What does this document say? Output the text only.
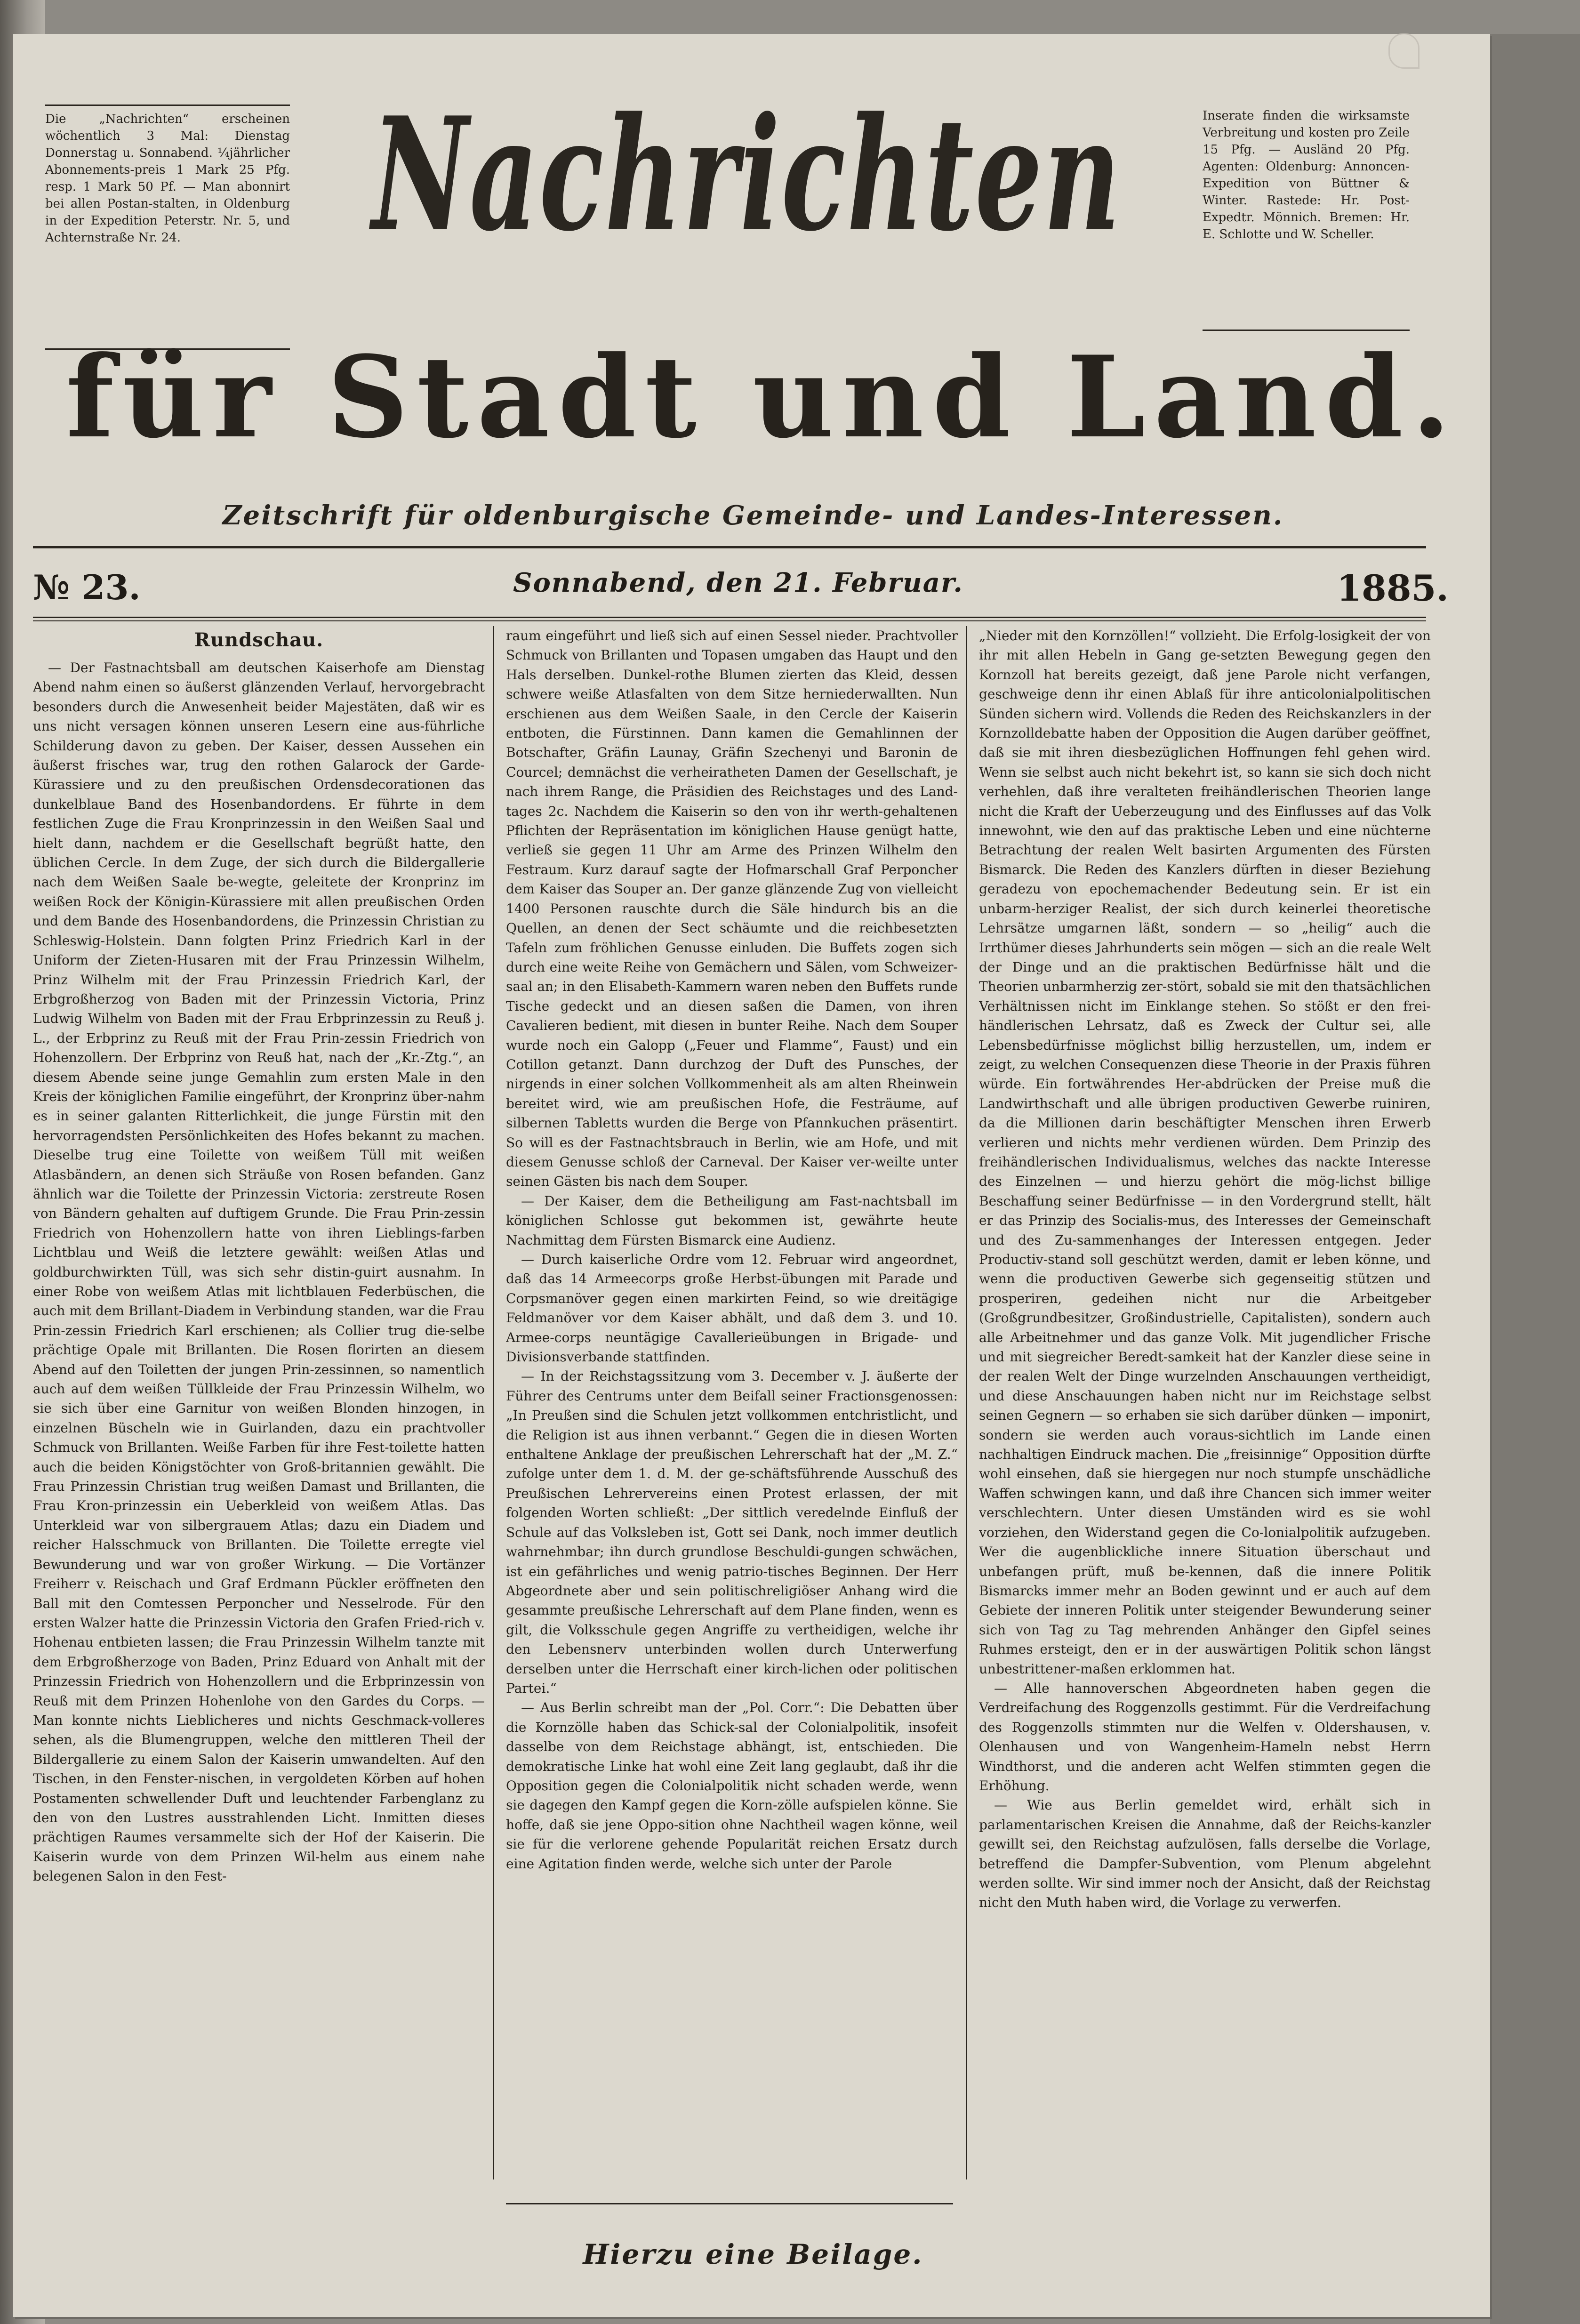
Die „Nachrichten“ erscheinen wöchentlich 3 Mal: Dienstag Donnerstag u. Sonnabend. ¼jährlicher Abonnements-preis 1 Mark 25 Pfg. resp. 1 Mark 50 Pf. — Man abonnirt bei allen Postan-stalten, in Oldenburg in der Expedition Peterstr. Nr. 5, und Achternstraße Nr. 24.
Inserate finden die wirksamste Verbreitung und kosten pro Zeile 15 Pfg. — Ausländ 20 Pfg. Agenten: Oldenburg: Annoncen-Expedition von Büttner & Winter. Rastede: Hr. Post-Expedtr. Mönnich. Bremen: Hr. E. Schlotte und W. Scheller.
Nachrichten
für Stadt und Land.
Zeitschrift für oldenburgische Gemeinde- und Landes-Interessen.
№ 23.	Sonnabend, den 21. Februar.	1885.

Rundschau.

— Der Fastnachtsball am deutschen Kaiserhofe am Dienstag Abend nahm einen so äußerst glänzenden Verlauf, hervorgebracht besonders durch die Anwesenheit beider Majestäten, daß wir es uns nicht versagen können unseren Lesern eine aus-führliche Schilderung davon zu geben. Der Kaiser, dessen Aussehen ein äußerst frisches war, trug den rothen Galarock der Garde-Kürassiere und zu den preußischen Ordensdecorationen das dunkelblaue Band des Hosenbandordens. Er führte in dem festlichen Zuge die Frau Kronprinzessin in den Weißen Saal und hielt dann, nachdem er die Gesellschaft begrüßt hatte, den üblichen Cercle. In dem Zuge, der sich durch die Bildergallerie nach dem Weißen Saale be-wegte, geleitete der Kronprinz im weißen Rock der Königin-Kürassiere mit allen preußischen Orden und dem Bande des Hosenbandordens, die Prinzessin Christian zu Schleswig-Holstein. Dann folgten Prinz Friedrich Karl in der Uniform der Zieten-Husaren mit der Frau Prinzessin Wilhelm, Prinz Wilhelm mit der Frau Prinzessin Friedrich Karl, der Erbgroßherzog von Baden mit der Prinzessin Victoria, Prinz Ludwig Wilhelm von Baden mit der Frau Erbprinzessin zu Reuß j. L., der Erbprinz zu Reuß mit der Frau Prin-zessin Friedrich von Hohenzollern. Der Erbprinz von Reuß hat, nach der „Kr.-Ztg.“, an diesem Abende seine junge Gemahlin zum ersten Male in den Kreis der königlichen Familie eingeführt, der Kronprinz über-nahm es in seiner galanten Ritterlichkeit, die junge Fürstin mit den hervorragendsten Persönlichkeiten des Hofes bekannt zu machen. Dieselbe trug eine Toilette von weißem Tüll mit weißen Atlasbändern, an denen sich Sträuße von Rosen befanden. Ganz ähnlich war die Toilette der Prinzessin Victoria: zerstreute Rosen von Bändern gehalten auf duftigem Grunde. Die Frau Prin-zessin Friedrich von Hohenzollern hatte von ihren Lieblings-farben Lichtblau und Weiß die letztere gewählt: weißen Atlas und goldburchwirkten Tüll, was sich sehr distin-guirt ausnahm. In einer Robe von weißem Atlas mit lichtblauen Federbüschen, die auch mit dem Brillant-Diadem in Verbindung standen, war die Frau Prin-zessin Friedrich Karl erschienen; als Collier trug die-selbe prächtige Opale mit Brillanten. Die Rosen florirten an diesem Abend auf den Toiletten der jungen Prin-zessinnen, so namentlich auch auf dem weißen Tüllkleide der Frau Prinzessin Wilhelm, wo sie sich über eine Garnitur von weißen Blonden hinzogen, in einzelnen Büscheln wie in Guirlanden, dazu ein prachtvoller Schmuck von Brillanten. Weiße Farben für ihre Fest-toilette hatten auch die beiden Königstöchter von Groß-britannien gewählt. Die Frau Prinzessin Christian trug weißen Damast und Brillanten, die Frau Kron-prinzessin ein Ueberkleid von weißem Atlas. Das Unterkleid war von silbergrauem Atlas; dazu ein Diadem und reicher Halsschmuck von Brillanten. Die Toilette erregte viel Bewunderung und war von großer Wirkung. — Die Vortänzer Freiherr v. Reischach und Graf Erdmann Pückler eröffneten den Ball mit den Comtessen Perponcher und Nesselrode. Für den ersten Walzer hatte die Prinzessin Victoria den Grafen Fried-rich v. Hohenau entbieten lassen; die Frau Prinzessin Wilhelm tanzte mit dem Erbgroßherzoge von Baden, Prinz Eduard von Anhalt mit der Prinzessin Friedrich von Hohenzollern und die Erbprinzessin von Reuß mit dem Prinzen Hohenlohe von den Gardes du Corps. — Man konnte nichts Lieblicheres und nichts Geschmack-volleres sehen, als die Blumengruppen, welche den mittleren Theil der Bildergallerie zu einem Salon der Kaiserin umwandelten. Auf den Tischen, in den Fenster-nischen, in vergoldeten Körben auf hohen Postamenten schwellender Duft und leuchtender Farbenglanz zu den von den Lustres ausstrahlenden Licht. Inmitten dieses prächtigen Raumes versammelte sich der Hof der Kaiserin. Die Kaiserin wurde von dem Prinzen Wil-helm aus einem nahe belegenen Salon in den Fest-

raum eingeführt und ließ sich auf einen Sessel nieder. Prachtvoller Schmuck von Brillanten und Topasen umgaben das Haupt und den Hals derselben. Dunkel-rothe Blumen zierten das Kleid, dessen schwere weiße Atlasfalten von dem Sitze herniederwallten. Nun erschienen aus dem Weißen Saale, in den Cercle der Kaiserin entboten, die Fürstinnen. Dann kamen die Gemahlinnen der Botschafter, Gräfin Launay, Gräfin Szechenyi und Baronin de Courcel; demnächst die verheiratheten Damen der Gesellschaft, je nach ihrem Range, die Präsidien des Reichstages und des Land-tages 2c. Nachdem die Kaiserin so den von ihr werth-gehaltenen Pflichten der Repräsentation im königlichen Hause genügt hatte, verließ sie gegen 11 Uhr am Arme des Prinzen Wilhelm den Festraum. Kurz darauf sagte der Hofmarschall Graf Perponcher dem Kaiser das Souper an. Der ganze glänzende Zug von vielleicht 1400 Personen rauschte durch die Säle hindurch bis an die Quellen, an denen der Sect schäumte und die reichbesetzten Tafeln zum fröhlichen Genusse einluden. Die Buffets zogen sich durch eine weite Reihe von Gemächern und Sälen, vom Schweizer-saal an; in den Elisabeth-Kammern waren neben den Buffets runde Tische gedeckt und an diesen saßen die Damen, von ihren Cavalieren bedient, mit diesen in bunter Reihe. Nach dem Souper wurde noch ein Galopp („Feuer und Flamme“, Faust) und ein Cotillon getanzt. Dann durchzog der Duft des Punsches, der nirgends in einer solchen Vollkommenheit als am alten Rheinwein bereitet wird, wie am preußischen Hofe, die Festräume, auf silbernen Tabletts wurden die Berge von Pfannkuchen präsentirt. So will es der Fastnachtsbrauch in Berlin, wie am Hofe, und mit diesem Genusse schloß der Carneval. Der Kaiser ver-weilte unter seinen Gästen bis nach dem Souper.

— Der Kaiser, dem die Betheiligung am Fast-nachtsball im königlichen Schlosse gut bekommen ist, gewährte heute Nachmittag dem Fürsten Bismarck eine Audienz.

— Durch kaiserliche Ordre vom 12. Februar wird angeordnet, daß das 14 Armeecorps große Herbst-übungen mit Parade und Corpsmanöver gegen einen markirten Feind, so wie dreitägige Feldmanöver vor dem Kaiser abhält, und daß dem 3. und 10. Armee-corps neuntägige Cavallerieübungen in Brigade- und Divisionsverbande stattfinden.

— In der Reichstagssitzung vom 3. December v. J. äußerte der Führer des Centrums unter dem Beifall seiner Fractionsgenossen: „In Preußen sind die Schulen jetzt vollkommen entchristlicht, und die Religion ist aus ihnen verbannt.“ Gegen die in diesen Worten enthaltene Anklage der preußischen Lehrerschaft hat der „M. Z.“ zufolge unter dem 1. d. M. der ge-schäftsführende Ausschuß des Preußischen Lehrervereins einen Protest erlassen, der mit folgenden Worten schließt: „Der sittlich veredelnde Einfluß der Schule auf das Volksleben ist, Gott sei Dank, noch immer deutlich wahrnehmbar; ihn durch grundlose Beschuldi-gungen schwächen, ist ein gefährliches und wenig patrio-tisches Beginnen. Der Herr Abgeordnete aber und sein politischreligiöser Anhang wird die gesammte preußische Lehrerschaft auf dem Plane finden, wenn es gilt, die Volksschule gegen Angriffe zu vertheidigen, welche ihr den Lebensnerv unterbinden wollen durch Unterwerfung derselben unter die Herrschaft einer kirch-lichen oder politischen Partei.“

— Aus Berlin schreibt man der „Pol. Corr.“: Die Debatten über die Kornzölle haben das Schick-sal der Colonialpolitik, insofeit dasselbe von dem Reichstage abhängt, ist, entschieden. Die demokratische Linke hat wohl eine Zeit lang geglaubt, daß ihr die Opposition gegen die Colonialpolitik nicht schaden werde, wenn sie dagegen den Kampf gegen die Korn-zölle aufspielen könne. Sie hoffe, daß sie jene Oppo-sition ohne Nachtheil wagen könne, weil sie für die verlorene gehende Popularität reichen Ersatz durch eine Agitation finden werde, welche sich unter der Parole

„Nieder mit den Kornzöllen!“ vollzieht. Die Erfolg-losigkeit der von ihr mit allen Hebeln in Gang ge-setzten Bewegung gegen den Kornzoll hat bereits gezeigt, daß jene Parole nicht verfangen, geschweige denn ihr einen Ablaß für ihre anticolonialpolitischen Sünden sichern wird. Vollends die Reden des Reichskanzlers in der Kornzolldebatte haben der Opposition die Augen darüber geöffnet, daß sie mit ihren diesbezüglichen Hoffnungen fehl gehen wird. Wenn sie selbst auch nicht bekehrt ist, so kann sie sich doch nicht verhehlen, daß ihre veralteten freihändlerischen Theorien lange nicht die Kraft der Ueberzeugung und des Einflusses auf das Volk innewohnt, wie den auf das praktische Leben und eine nüchterne Betrachtung der realen Welt basirten Argumenten des Fürsten Bismarck. Die Reden des Kanzlers dürften in dieser Beziehung geradezu von epochemachender Bedeutung sein. Er ist ein unbarm-herziger Realist, der sich durch keinerlei theoretische Lehrsätze umgarnen läßt, sondern — so „heilig“ auch die Irrthümer dieses Jahrhunderts sein mögen — sich an die reale Welt der Dinge und an die praktischen Bedürfnisse hält und die Theorien unbarmherzig zer-stört, sobald sie mit den thatsächlichen Verhältnissen nicht im Einklange stehen. So stößt er den frei-händlerischen Lehrsatz, daß es Zweck der Cultur sei, alle Lebensbedürfnisse möglichst billig herzustellen, um, indem er zeigt, zu welchen Consequenzen diese Theorie in der Praxis führen würde. Ein fortwährendes Her-abdrücken der Preise muß die Landwirthschaft und alle übrigen productiven Gewerbe ruiniren, da die Millionen darin beschäftigter Menschen ihren Erwerb verlieren und nichts mehr verdienen würden. Dem Prinzip des freihändlerischen Individualismus, welches das nackte Interesse des Einzelnen — und hierzu gehört die mög-lichst billige Beschaffung seiner Bedürfnisse — in den Vordergrund stellt, hält er das Prinzip des Socialis-mus, des Interesses der Gemeinschaft und des Zu-sammenhanges der Interessen entgegen. Jeder Productiv-stand soll geschützt werden, damit er leben könne, und wenn die productiven Gewerbe sich gegenseitig stützen und prosperiren, gedeihen nicht nur die Arbeitgeber (Großgrundbesitzer, Großindustrielle, Capitalisten), sondern auch alle Arbeitnehmer und das ganze Volk. Mit jugendlicher Frische und mit siegreicher Beredt-samkeit hat der Kanzler diese seine in der realen Welt der Dinge wurzelnden Anschauungen vertheidigt, und diese Anschauungen haben nicht nur im Reichstage selbst seinen Gegnern — so erhaben sie sich darüber dünken — imponirt, sondern sie werden auch voraus-sichtlich im Lande einen nachhaltigen Eindruck machen. Die „freisinnige“ Opposition dürfte wohl einsehen, daß sie hiergegen nur noch stumpfe unschädliche Waffen schwingen kann, und daß ihre Chancen sich immer weiter verschlechtern. Unter diesen Umständen wird es sie wohl vorziehen, den Widerstand gegen die Co-lonialpolitik aufzugeben. Wer die augenblickliche innere Situation überschaut und unbefangen prüft, muß be-kennen, daß die innere Politik Bismarcks immer mehr an Boden gewinnt und er auch auf dem Gebiete der inneren Politik unter steigender Bewunderung seiner sich von Tag zu Tag mehrenden Anhänger den Gipfel seines Ruhmes ersteigt, den er in der auswärtigen Politik schon längst unbestrittener-maßen erklommen hat.

— Alle hannoverschen Abgeordneten haben gegen die Verdreifachung des Roggenzolls gestimmt. Für die Verdreifachung des Roggenzolls stimmten nur die Welfen v. Oldershausen, v. Olenhausen und von Wangenheim-Hameln nebst Herrn Windthorst, und die anderen acht Welfen stimmten gegen die Erhöhung.

— Wie aus Berlin gemeldet wird, erhält sich in parlamentarischen Kreisen die Annahme, daß der Reichs-kanzler gewillt sei, den Reichstag aufzulösen, falls derselbe die Vorlage, betreffend die Dampfer-Subvention, vom Plenum abgelehnt werden sollte. Wir sind immer noch der Ansicht, daß der Reichstag nicht den Muth haben wird, die Vorlage zu verwerfen.

Hierzu eine Beilage.
